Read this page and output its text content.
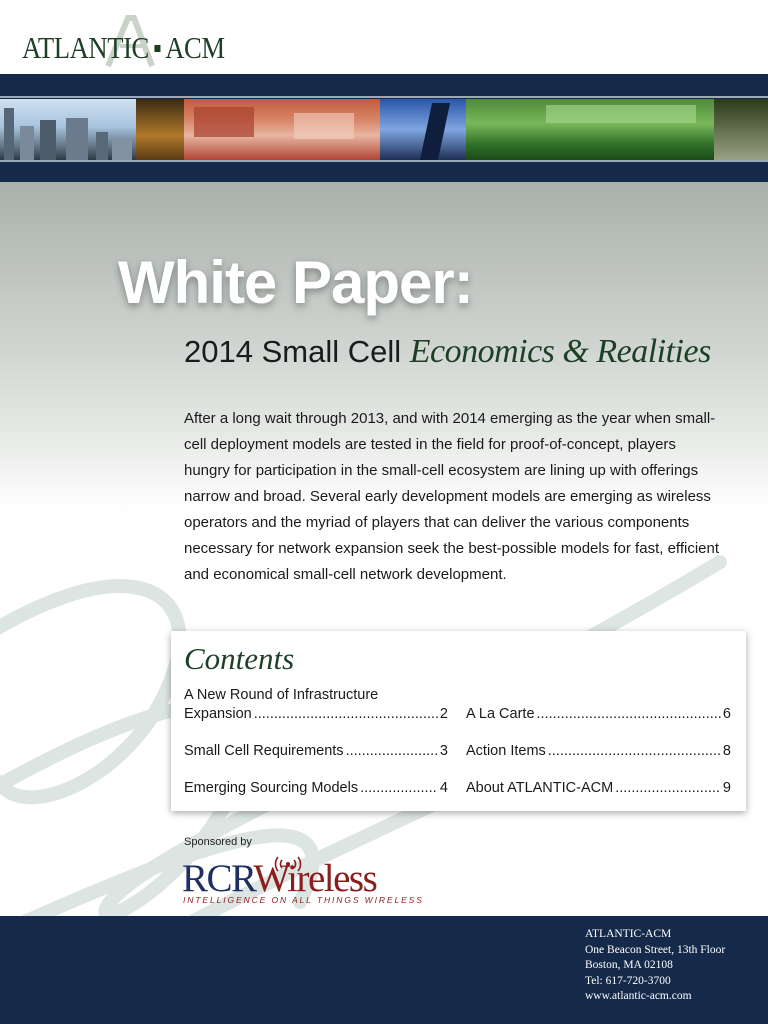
ATLANTIC ACM
White Paper:
2014 Small Cell Economics & Realities
After a long wait through 2013, and with 2014 emerging as the year when small-cell deployment models are tested in the field for proof-of-concept, players hungry for participation in the small-cell ecosystem are lining up with offerings narrow and broad. Several early development models are emerging as wireless operators and the myriad of players that can deliver the various components necessary for network expansion seek the best-possible models for fast, efficient and economical small-cell network development.
Contents
A New Round of Infrastructure
Expansion .....	2
Small Cell Requirements .....	3
Emerging Sourcing Models .....	4
A La Carte .....	6
Action Items .....	8
About ATLANTIC-ACM .....	9
Sponsored by
RCRWireless
INTELLIGENCE ON ALL THINGS WIRELESS
ATLANTIC-ACM
One Beacon Street, 13th Floor
Boston, MA 02108
Tel: 617-720-3700
www.atlantic-acm.com
